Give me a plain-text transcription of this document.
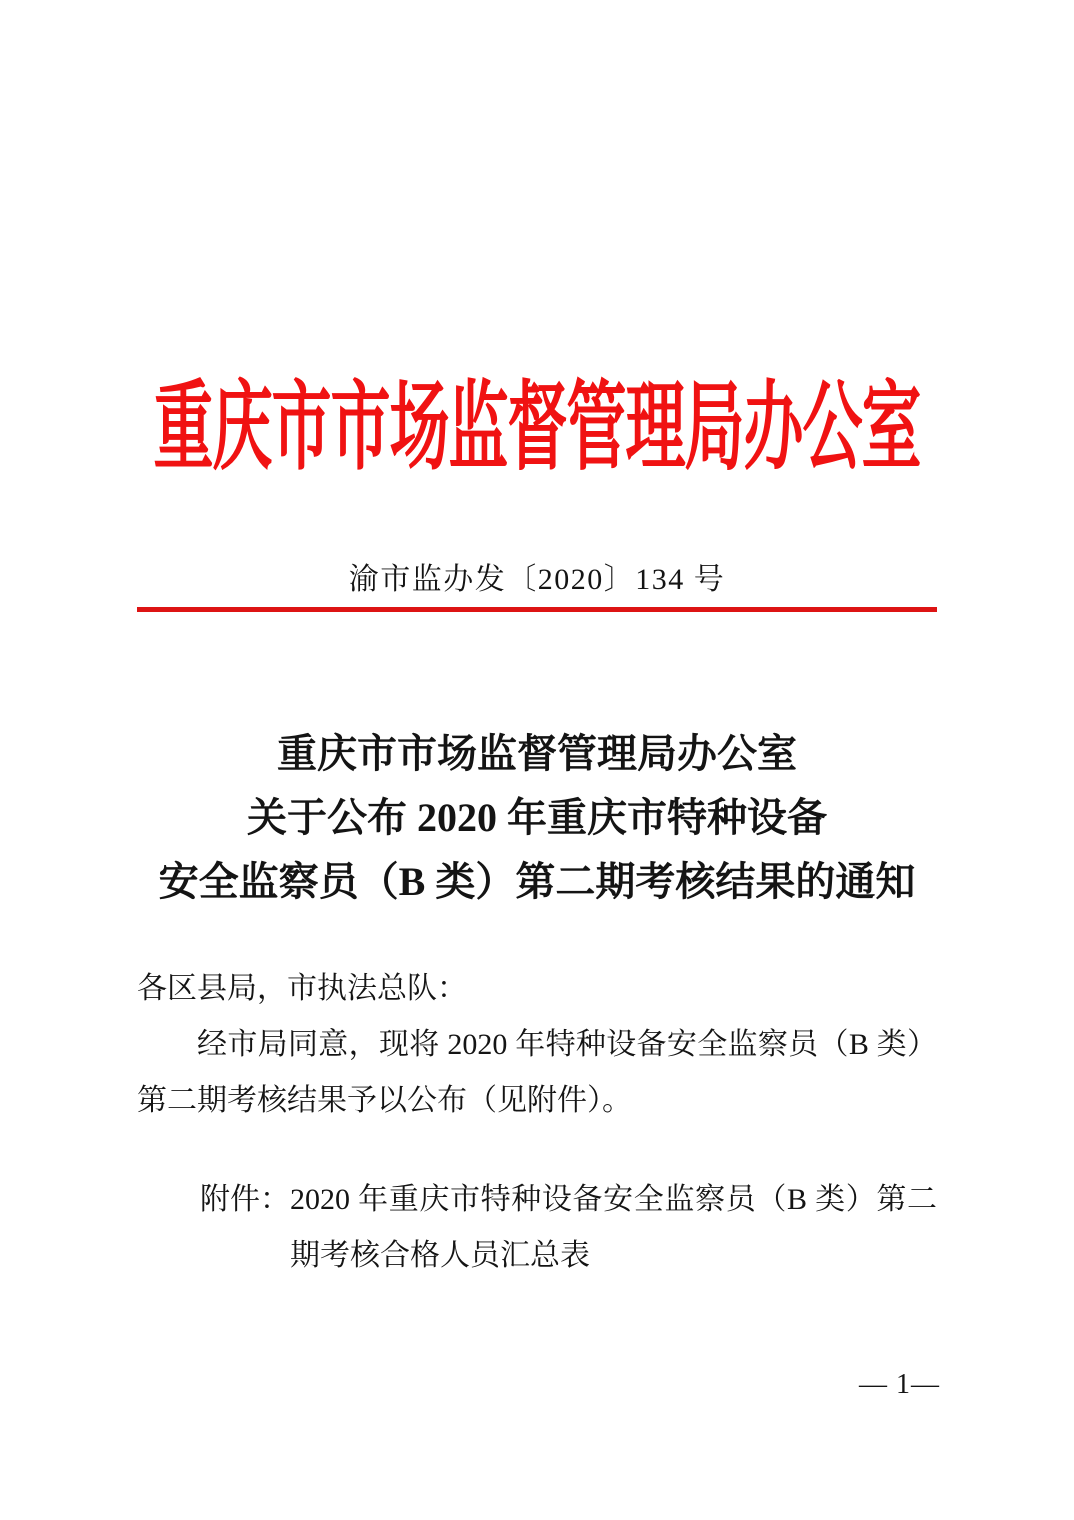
重庆市市场监督管理局办公室
渝市监办发〔2020〕134 号
重庆市市场监督管理局办公室
关于公布 2020 年重庆市特种设备
安全监察员（B 类）第二期考核结果的通知
各区县局，市执法总队：
经市局同意，现将 2020 年特种设备安全监察员（B 类）第二期考核结果予以公布（见附件）。
附件： 2020 年重庆市特种设备安全监察员（B 类）第二期考核合格人员汇总表
— 1—
